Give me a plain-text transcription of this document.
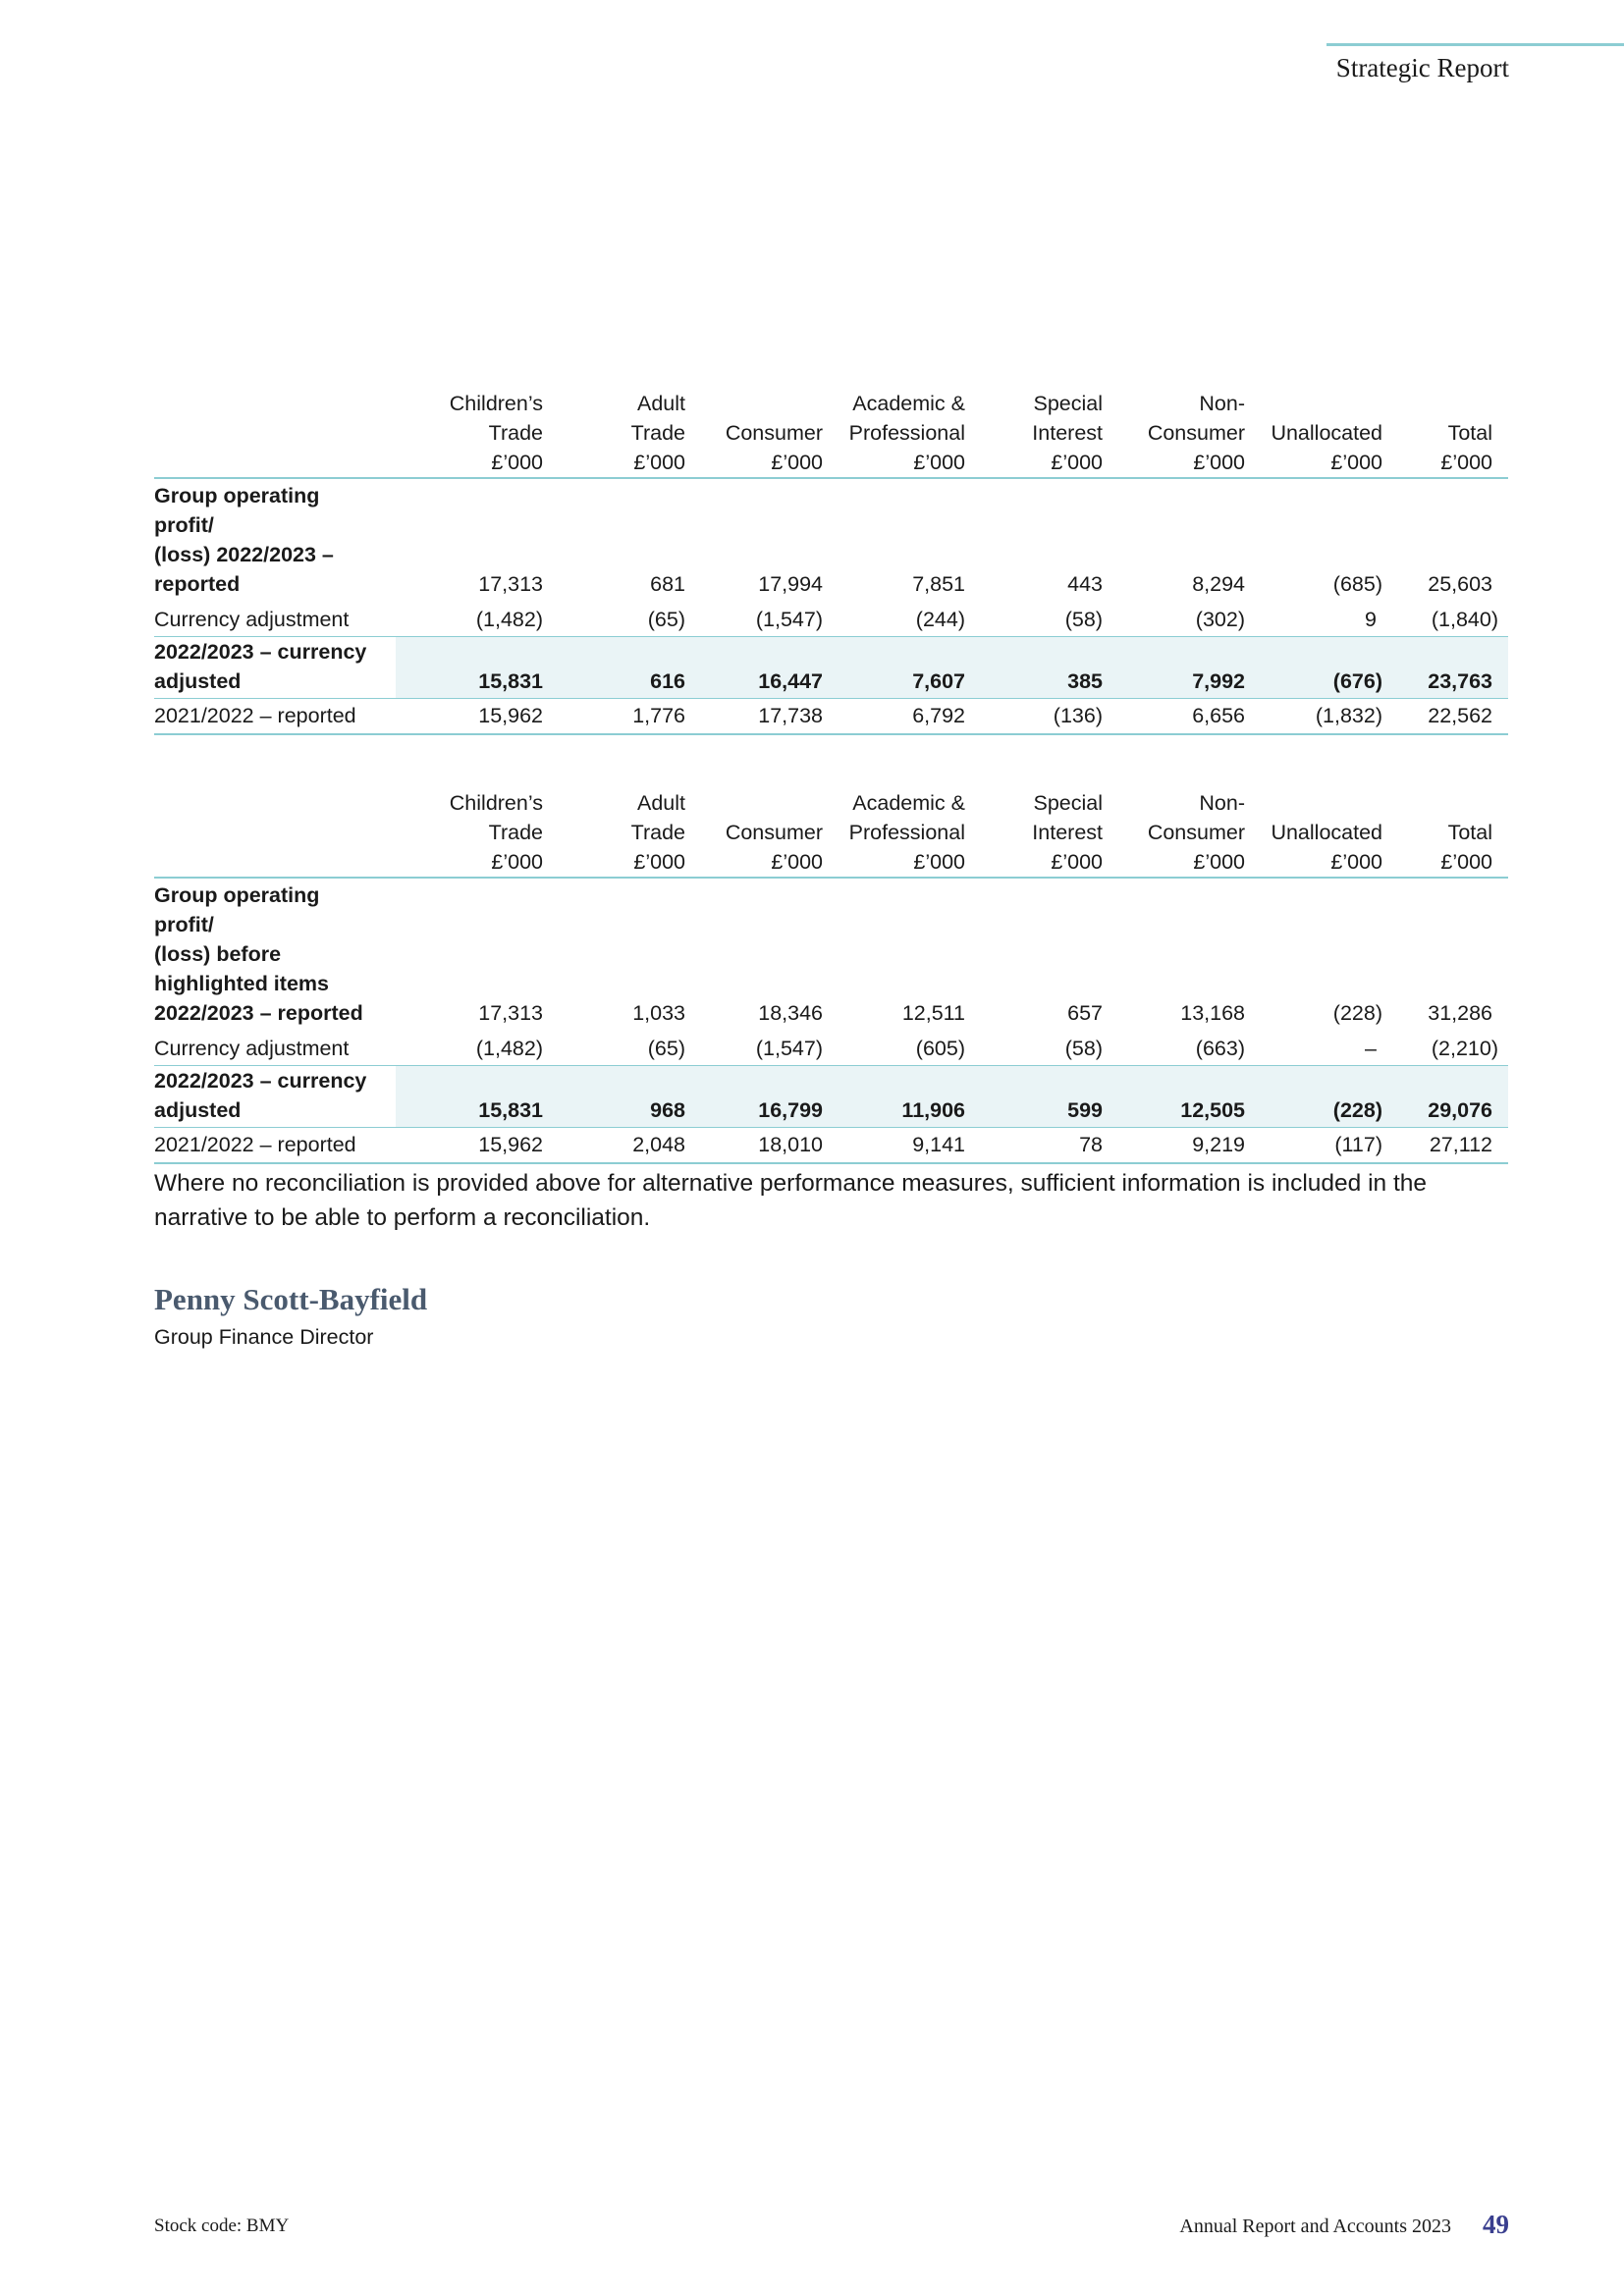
Strategic Report
	Children’s
Trade
£’000	Adult
Trade
£’000	Consumer
£’000	Academic &
Professional
£’000	Special
Interest
£’000	Non-
Consumer
£’000	Unallocated
£’000	Total
£’000
Group operating
profit/
(loss) 2022/2023 –
reported	17,313	681	17,994	7,851	443	8,294	(685)	25,603
Currency adjustment	(1,482)	(65)	(1,547)	(244)	(58)	(302)	9	(1,840)
2022/2023 – currency
adjusted	15,831	616	16,447	7,607	385	7,992	(676)	23,763
2021/2022 – reported	15,962	1,776	17,738	6,792	(136)	6,656	(1,832)	22,562
	Children’s
Trade
£’000	Adult
Trade
£’000	Consumer
£’000	Academic &
Professional
£’000	Special
Interest
£’000	Non-
Consumer
£’000	Unallocated
£’000	Total
£’000
Group operating
profit/
(loss) before
highlighted items
2022/2023 – reported	17,313	1,033	18,346	12,511	657	13,168	(228)	31,286
Currency adjustment	(1,482)	(65)	(1,547)	(605)	(58)	(663)	–	(2,210)
2022/2023 – currency
adjusted	15,831	968	16,799	11,906	599	12,505	(228)	29,076
2021/2022 – reported	15,962	2,048	18,010	9,141	78	9,219	(117)	27,112

Where no reconciliation is provided above for alternative performance measures, sufficient information is included in the narrative to be able to perform a reconciliation.

Penny Scott-Bayfield
Group Finance Director
Stock code: BMY	Annual Report and Accounts 2023 49
